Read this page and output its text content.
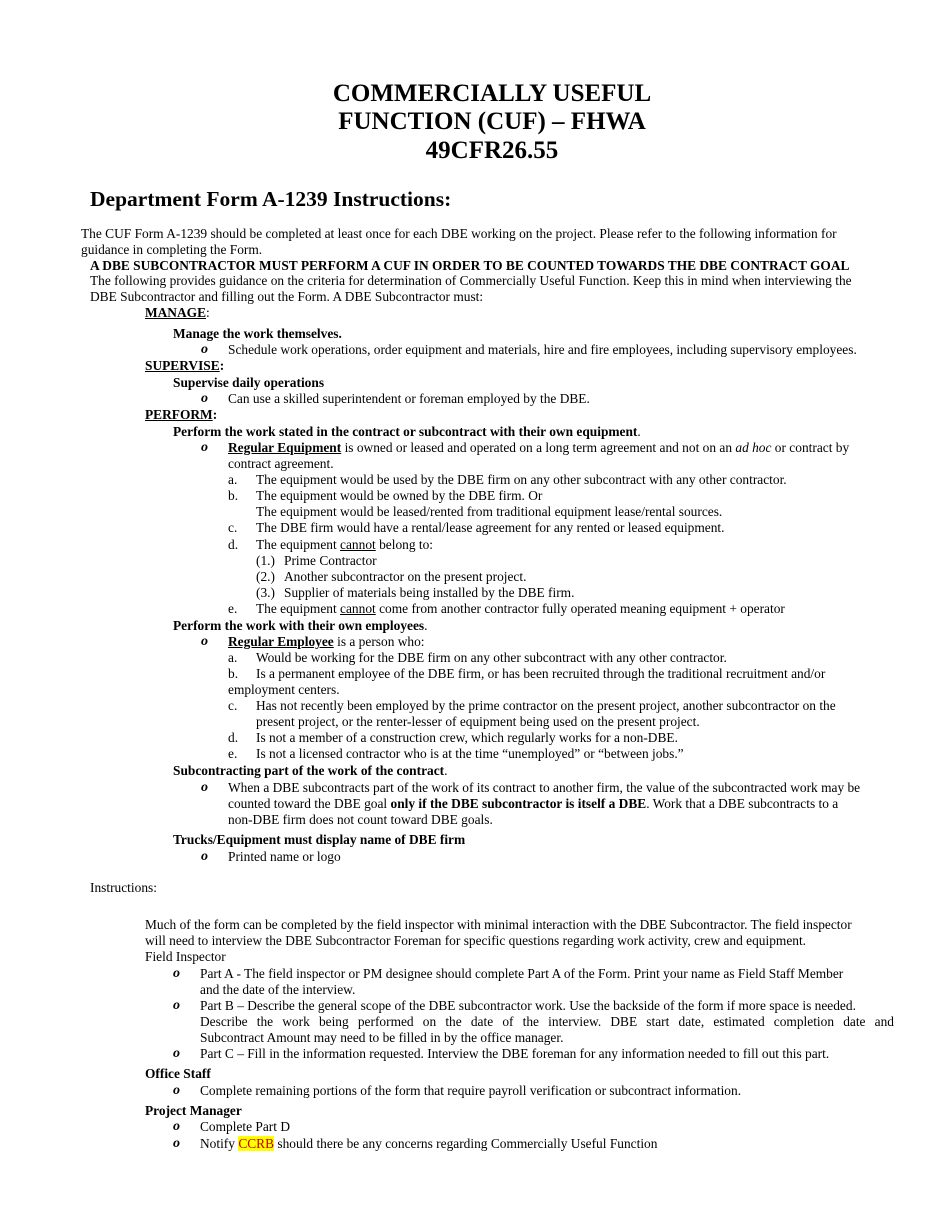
COMMERCIALLY USEFUL
FUNCTION (CUF) – FHWA
49CFR26.55
Department Form A-1239 Instructions:
The CUF Form A-1239 should be completed at least once for each DBE working on the project. Please refer to the following information for
guidance in completing the Form.
A DBE SUBCONTRACTOR MUST PERFORM A CUF IN ORDER TO BE COUNTED TOWARDS THE DBE CONTRACT GOAL
The following provides guidance on the criteria for determination of Commercially Useful Function. Keep this in mind when interviewing the
DBE Subcontractor and filling out the Form. A DBE Subcontractor must:
MANAGE:
Manage the work themselves.
o Schedule work operations, order equipment and materials, hire and fire employees, including supervisory employees.
SUPERVISE:
Supervise daily operations
o Can use a skilled superintendent or foreman employed by the DBE.
PERFORM:
Perform the work stated in the contract or subcontract with their own equipment.
o Regular Equipment is owned or leased and operated on a long term agreement and not on an ad hoc or contract by
contract agreement.
a. The equipment would be used by the DBE firm on any other subcontract with any other contractor.
b. The equipment would be owned by the DBE firm. Or
The equipment would be leased/rented from traditional equipment lease/rental sources.
c. The DBE firm would have a rental/lease agreement for any rented or leased equipment.
d. The equipment cannot belong to:
(1.) Prime Contractor
(2.) Another subcontractor on the present project.
(3.) Supplier of materials being installed by the DBE firm.
e. The equipment cannot come from another contractor fully operated meaning equipment + operator
Perform the work with their own employees.
o Regular Employee is a person who:
a. Would be working for the DBE firm on any other subcontract with any other contractor.
b. Is a permanent employee of the DBE firm, or has been recruited through the traditional recruitment and/or
employment centers.
c. Has not recently been employed by the prime contractor on the present project, another subcontractor on the
present project, or the renter-lesser of equipment being used on the present project.
d. Is not a member of a construction crew, which regularly works for a non-DBE.
e. Is not a licensed contractor who is at the time “unemployed” or “between jobs.”
Subcontracting part of the work of the contract.
o When a DBE subcontracts part of the work of its contract to another firm, the value of the subcontracted work may be
counted toward the DBE goal only if the DBE subcontractor is itself a DBE. Work that a DBE subcontracts to a
non-DBE firm does not count toward DBE goals.
Trucks/Equipment must display name of DBE firm
o Printed name or logo
Instructions:
Much of the form can be completed by the field inspector with minimal interaction with the DBE Subcontractor. The field inspector
will need to interview the DBE Subcontractor Foreman for specific questions regarding work activity, crew and equipment.
Field Inspector
o Part A - The field inspector or PM designee should complete Part A of the Form. Print your name as Field Staff Member
and the date of the interview.
o Part B – Describe the general scope of the DBE subcontractor work. Use the backside of the form if more space is needed.
Describe the work being performed on the date of the interview. DBE start date, estimated completion date and
Subcontract Amount may need to be filled in by the office manager.
o Part C – Fill in the information requested. Interview the DBE foreman for any information needed to fill out this part.
Office Staff
o Complete remaining portions of the form that require payroll verification or subcontract information.
Project Manager
o Complete Part D
o Notify CCRB should there be any concerns regarding Commercially Useful Function
